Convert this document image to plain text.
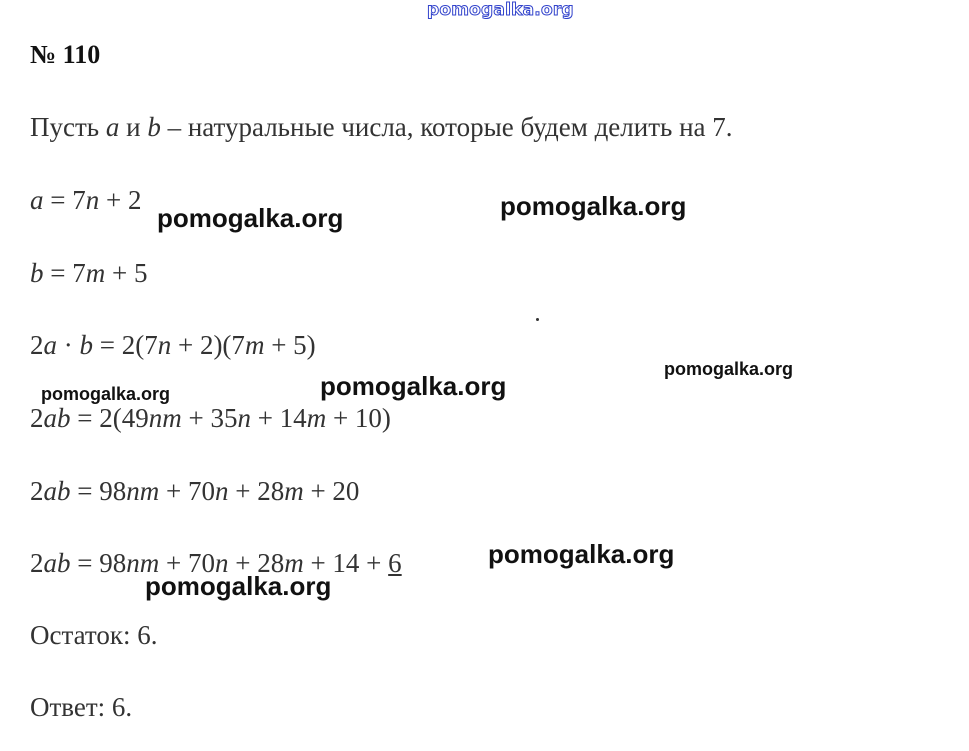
pomogalka.org
№ 110
Пусть a и b – натуральные числа, которые будем делить на 7.
a = 7n + 2
b = 7m + 5
2a · b = 2(7n + 2)(7m + 5)
2ab = 2(49nm + 35n + 14m + 10)
2ab = 98nm + 70n + 28m + 20
2ab = 98nm + 70n + 28m + 14 + 6
Остаток: 6.
Ответ: 6.
pomogalka.org	pomogalka.org
pomogalka.org
pomogalka.org	pomogalka.org
pomogalka.org
pomogalka.org
